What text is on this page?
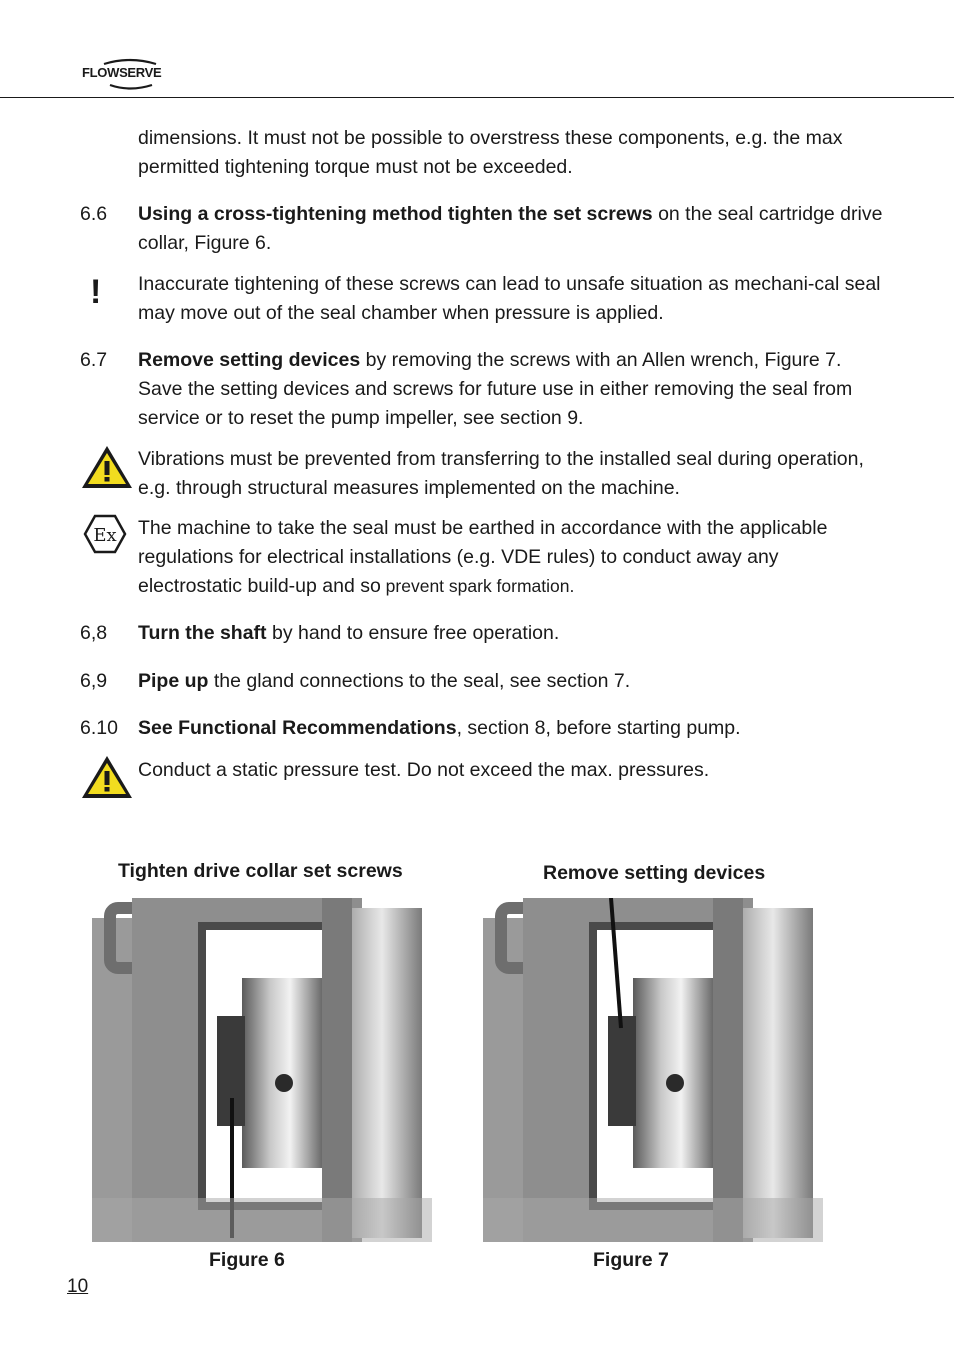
FLOWSERVE
dimensions. It must not be possible to overstress these components, e.g. the max permitted tightening torque must not be exceeded.
6.6 Using a cross-tightening method tighten the set screws on the seal cartridge drive collar, Figure 6.
! Inaccurate tightening of these screws can lead to unsafe situation as mechani-cal seal may move out of the seal chamber when pressure is applied.
6.7 Remove setting devices by removing the screws with an Allen wrench, Figure 7. Save the setting devices and screws for future use in either removing the seal from service or to reset the pump impeller, see section 9.
Vibrations must be prevented from transferring to the installed seal during operation, e.g. through structural measures implemented on the machine.
Ex The machine to take the seal must be earthed in accordance with the applicable regulations for electrical installations (e.g. VDE rules) to conduct away any electrostatic build-up and so prevent spark formation.
6,8 Turn the shaft by hand to ensure free operation.
6,9 Pipe up the gland connections to the seal, see section 7.
6.10 See Functional Recommendations, section 8, before starting pump.
Conduct a static pressure test. Do not exceed the max. pressures.
Tighten drive collar set screws	Remove setting devices
Figure 6	Figure 7
10
